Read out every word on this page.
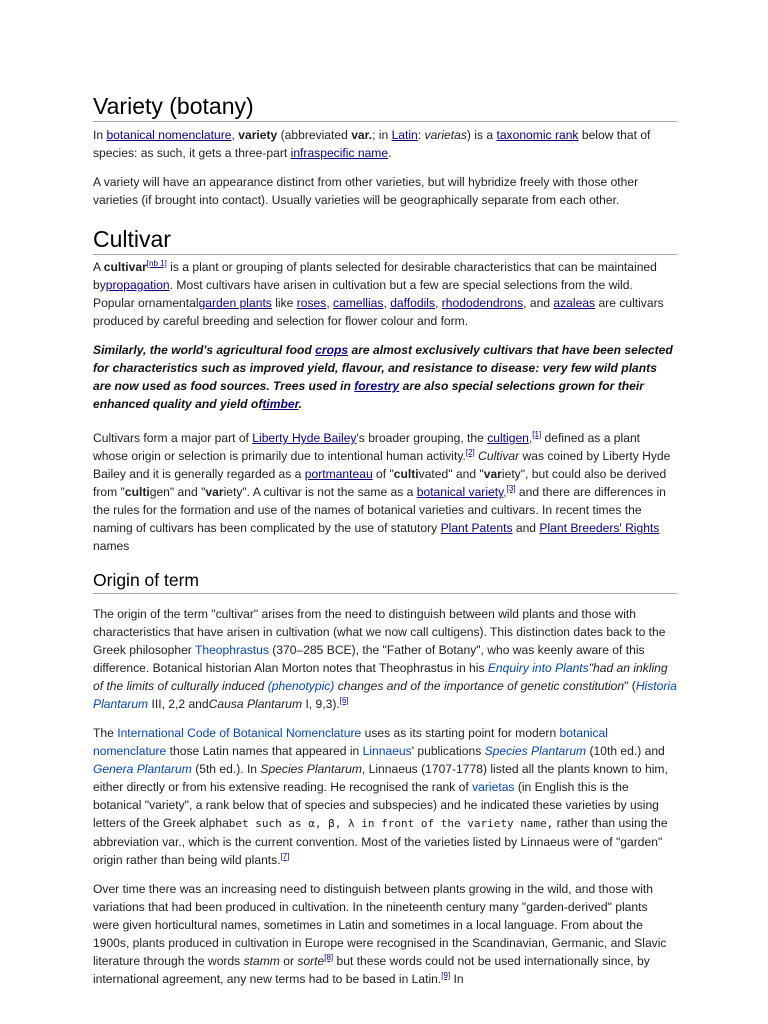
Variety (botany)

In botanical nomenclature, variety (abbreviated var.; in Latin: varietas) is a taxonomic rank below that of species: as such, it gets a three-part infraspecific name.

A variety will have an appearance distinct from other varieties, but will hybridize freely with those other varieties (if brought into contact). Usually varieties will be geographically separate from each other.

Cultivar

A cultivar[nb 1] is a plant or grouping of plants selected for desirable characteristics that can be maintained bypropagation. Most cultivars have arisen in cultivation but a few are special selections from the wild. Popular ornamentalgarden plants like roses, camellias, daffodils, rhododendrons, and azaleas are cultivars produced by careful breeding and selection for flower colour and form.

Similarly, the world's agricultural food crops are almost exclusively cultivars that have been selected for characteristics such as improved yield, flavour, and resistance to disease: very few wild plants are now used as food sources. Trees used in forestry are also special selections grown for their enhanced quality and yield oftimber.

Cultivars form a major part of Liberty Hyde Bailey's broader grouping, the cultigen,[1] defined as a plant whose origin or selection is primarily due to intentional human activity.[2] Cultivar was coined by Liberty Hyde Bailey and it is generally regarded as a portmanteau of "cultivated" and "variety", but could also be derived from "cultigen" and "variety". A cultivar is not the same as a botanical variety,[3] and there are differences in the rules for the formation and use of the names of botanical varieties and cultivars. In recent times the naming of cultivars has been complicated by the use of statutory Plant Patents and Plant Breeders' Rights names

Origin of term

The origin of the term "cultivar" arises from the need to distinguish between wild plants and those with characteristics that have arisen in cultivation (what we now call cultigens). This distinction dates back to the Greek philosopher Theophrastus (370–285 BCE), the "Father of Botany", who was keenly aware of this difference. Botanical historian Alan Morton notes that Theophrastus in his Enquiry into Plants"had an inkling of the limits of culturally induced (phenotypic) changes and of the importance of genetic constitution" (Historia Plantarum III, 2,2 andCausa Plantarum I, 9,3).[6]

The International Code of Botanical Nomenclature uses as its starting point for modern botanical nomenclature those Latin names that appeared in Linnaeus' publications Species Plantarum (10th ed.) and Genera Plantarum (5th ed.). In Species Plantarum, Linnaeus (1707-1778) listed all the plants known to him, either directly or from his extensive reading. He recognised the rank of varietas (in English this is the botanical "variety", a rank below that of species and subspecies) and he indicated these varieties by using letters of the Greek alphabet such as α, β, λ in front of the variety name, rather than using the abbreviation var., which is the current convention. Most of the varieties listed by Linnaeus were of "garden" origin rather than being wild plants.[7]

Over time there was an increasing need to distinguish between plants growing in the wild, and those with variations that had been produced in cultivation. In the nineteenth century many "garden-derived" plants were given horticultural names, sometimes in Latin and sometimes in a local language. From about the 1900s, plants produced in cultivation in Europe were recognised in the Scandinavian, Germanic, and Slavic literature through the words stamm or sorte[8] but these words could not be used internationally since, by international agreement, any new terms had to be based in Latin.[9] In
